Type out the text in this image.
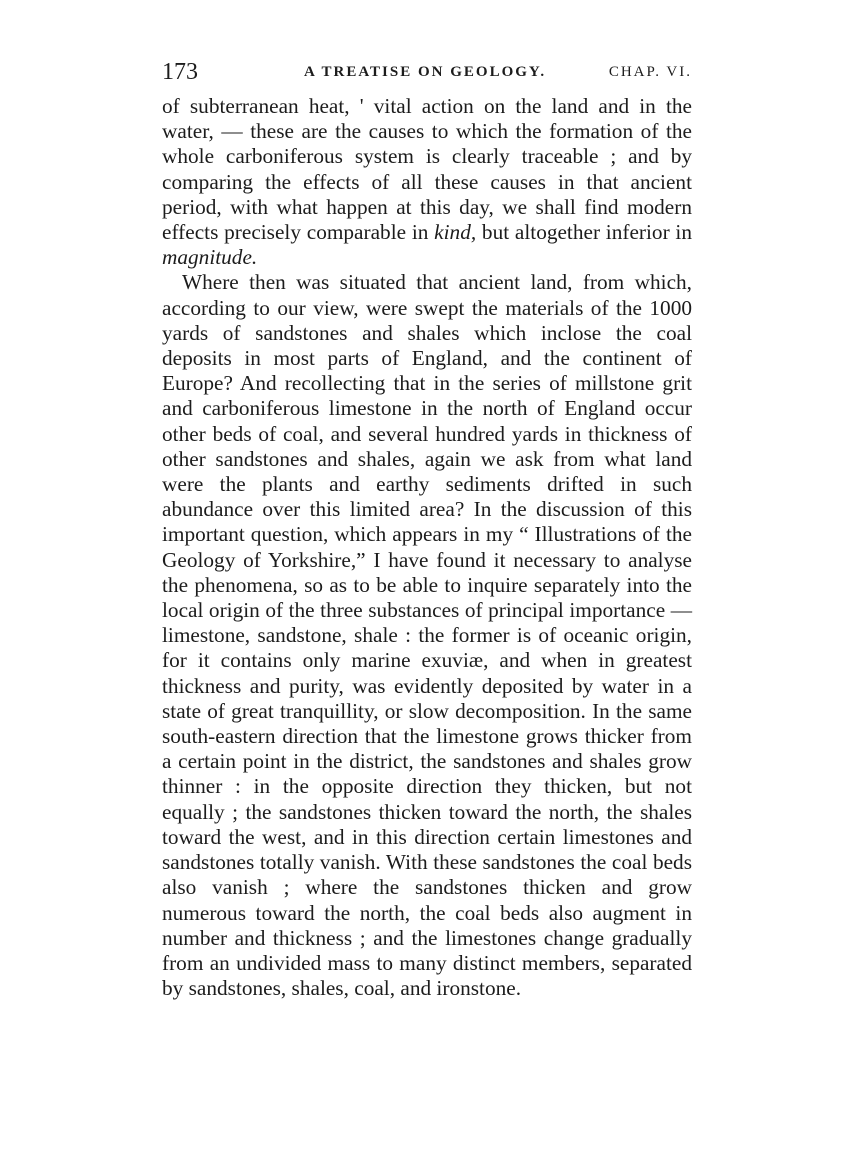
173	A TREATISE ON GEOLOGY.	CHAP. VI.

of subterranean heat, ' vital action on the land and in the water, — these are the causes to which the formation of the whole carboniferous system is clearly traceable ; and by comparing the effects of all these causes in that ancient period, with what happen at this day, we shall find modern effects precisely comparable in kind, but altogether inferior in magnitude.

Where then was situated that ancient land, from which, according to our view, were swept the materials of the 1000 yards of sandstones and shales which inclose the coal deposits in most parts of England, and the continent of Europe? And recollecting that in the series of millstone grit and carboniferous limestone in the north of England occur other beds of coal, and several hundred yards in thickness of other sandstones and shales, again we ask from what land were the plants and earthy sediments drifted in such abundance over this limited area? In the discussion of this important question, which appears in my “ Illustrations of the Geology of Yorkshire,” I have found it necessary to analyse the phenomena, so as to be able to inquire separately into the local origin of the three substances of principal importance — limestone, sandstone, shale : the former is of oceanic origin, for it contains only marine exuviæ, and when in greatest thickness and purity, was evidently deposited by water in a state of great tranquillity, or slow decomposition. In the same south-eastern direction that the limestone grows thicker from a certain point in the district, the sandstones and shales grow thinner : in the opposite direction they thicken, but not equally ; the sandstones thicken toward the north, the shales toward the west, and in this direction certain limestones and sandstones totally vanish. With these sandstones the coal beds also vanish ; where the sandstones thicken and grow numerous toward the north, the coal beds also augment in number and thickness ; and the limestones change gradually from an undivided mass to many distinct members, separated by sandstones, shales, coal, and ironstone.
